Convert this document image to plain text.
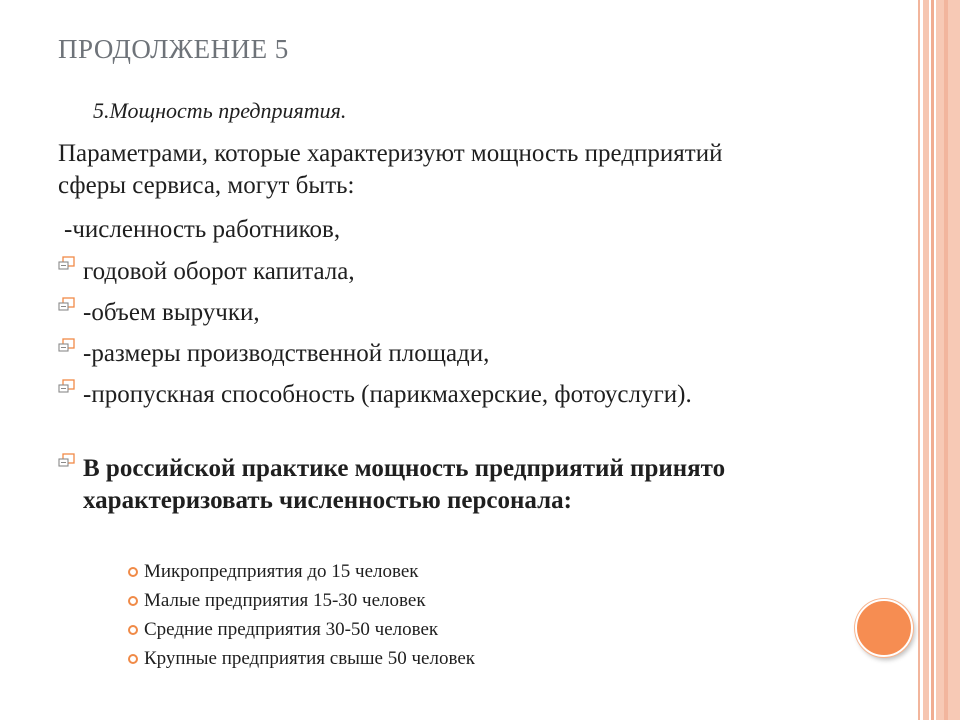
ПРОДОЛЖЕНИЕ 5
5.Мощность предприятия.
Параметрами, которые характеризуют мощность предприятий сферы сервиса, могут быть:
-численность работников,
годовой оборот капитала,
-объем выручки,
-размеры производственной площади,
-пропускная способность (парикмахерские, фотоуслуги).
В российской практике мощность предприятий принято характеризовать численностью персонала:
Микропредприятия до 15 человек
Малые предприятия 15-30 человек
Средние предприятия 30-50 человек
Крупные предприятия свыше 50 человек
